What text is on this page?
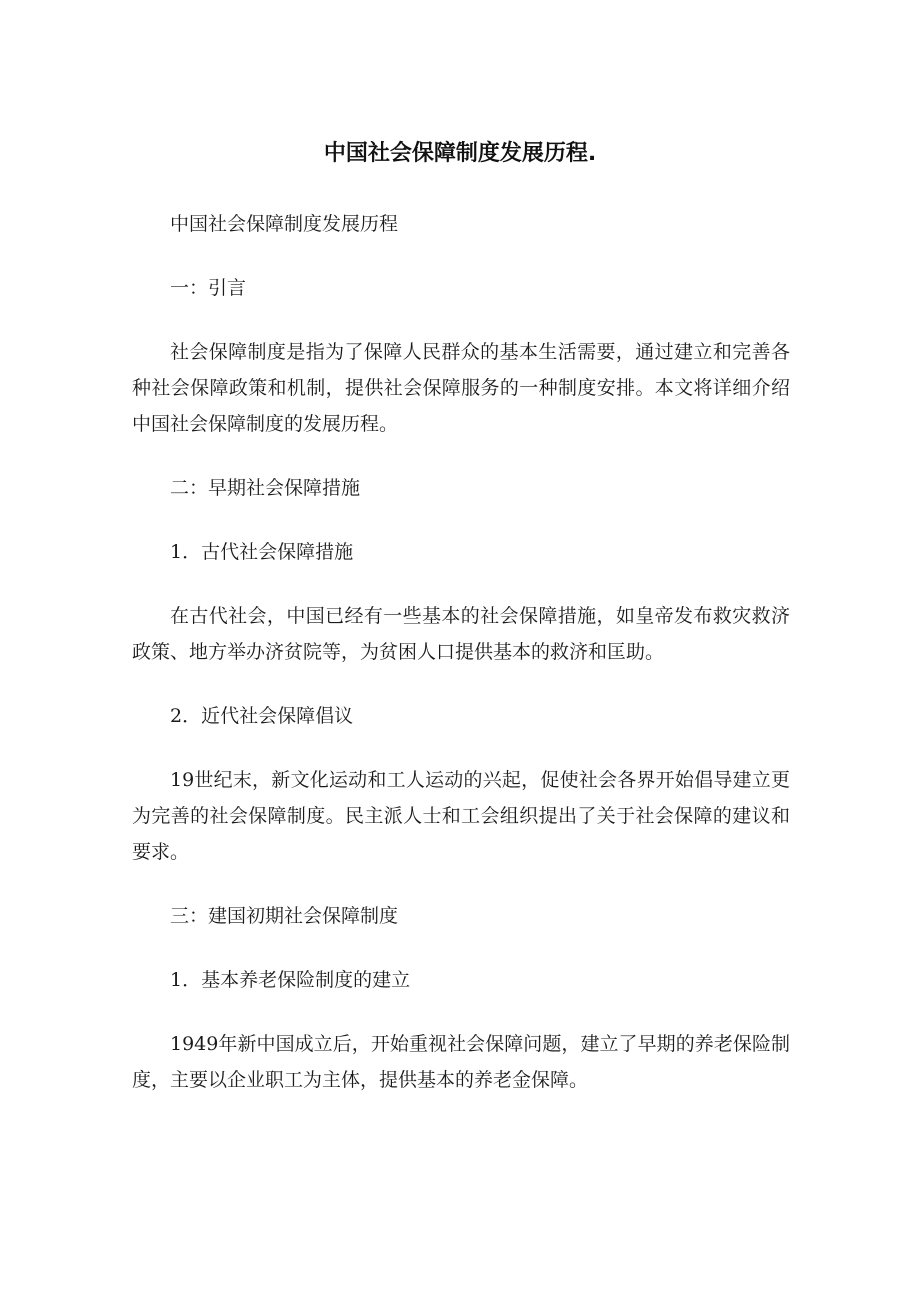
中国社会保障制度发展历程.

中国社会保障制度发展历程

一：引言

社会保障制度是指为了保障人民群众的基本生活需要，通过建立和完善各种社会保障政策和机制，提供社会保障服务的一种制度安排。本文将详细介绍中国社会保障制度的发展历程。

二：早期社会保障措施

1．古代社会保障措施

在古代社会，中国已经有一些基本的社会保障措施，如皇帝发布救灾救济政策、地方举办济贫院等，为贫困人口提供基本的救济和匡助。

2．近代社会保障倡议

19世纪末，新文化运动和工人运动的兴起，促使社会各界开始倡导建立更为完善的社会保障制度。民主派人士和工会组织提出了关于社会保障的建议和要求。

三：建国初期社会保障制度

1．基本养老保险制度的建立

1949年新中国成立后，开始重视社会保障问题，建立了早期的养老保险制度，主要以企业职工为主体，提供基本的养老金保障。
